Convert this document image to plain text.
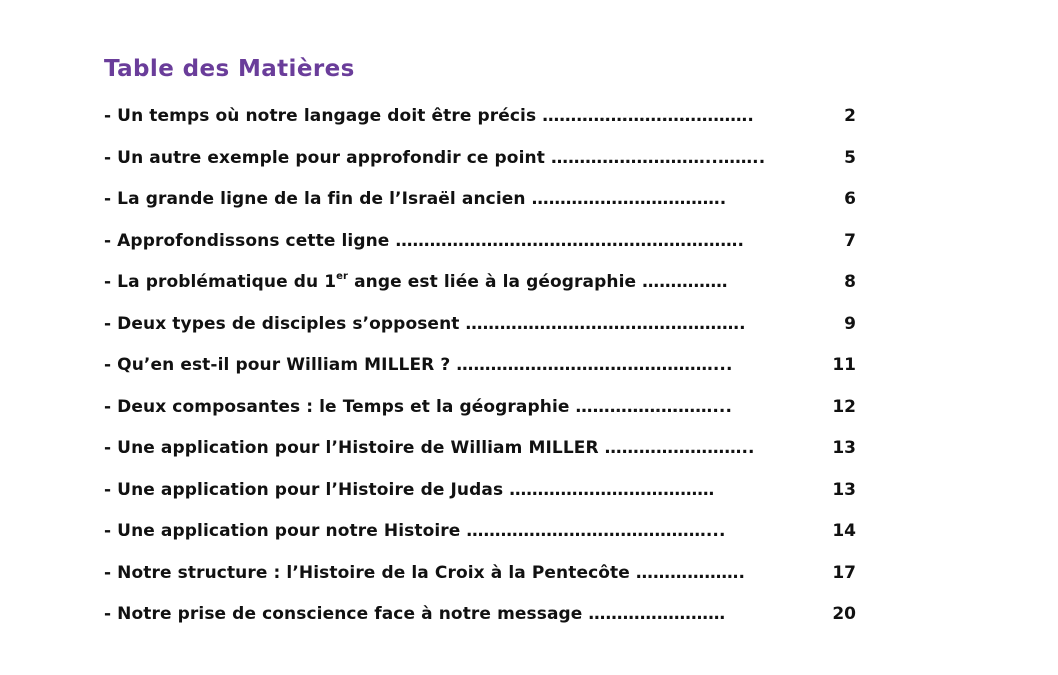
Table des Matières
- Un temps où notre langage doit être précis ……………………………….	2
- Un autre exemple pour approfondir ce point ………………………..……..	5
- La grande ligne de la fin de l’Israël ancien …………………………….	6
- Approfondissons cette ligne …………………………………………………….	7
- La problématique du 1er ange est liée à la géographie ……………	8
- Deux types de disciples s’opposent ………………………………………….	9
- Qu’en est-il pour William MILLER ? ………………………………………...	11
- Deux composantes : le Temps et la géographie ……………………...	12
- Une application pour l’Histoire de William MILLER ……………………..	13
- Une application pour l’Histoire de Judas ………………………………	13
- Une application pour notre Histoire ……………………………………...	14
- Notre structure : l’Histoire de la Croix à la Pentecôte ……………….	17
- Notre prise de conscience face à notre message ……………………	20
